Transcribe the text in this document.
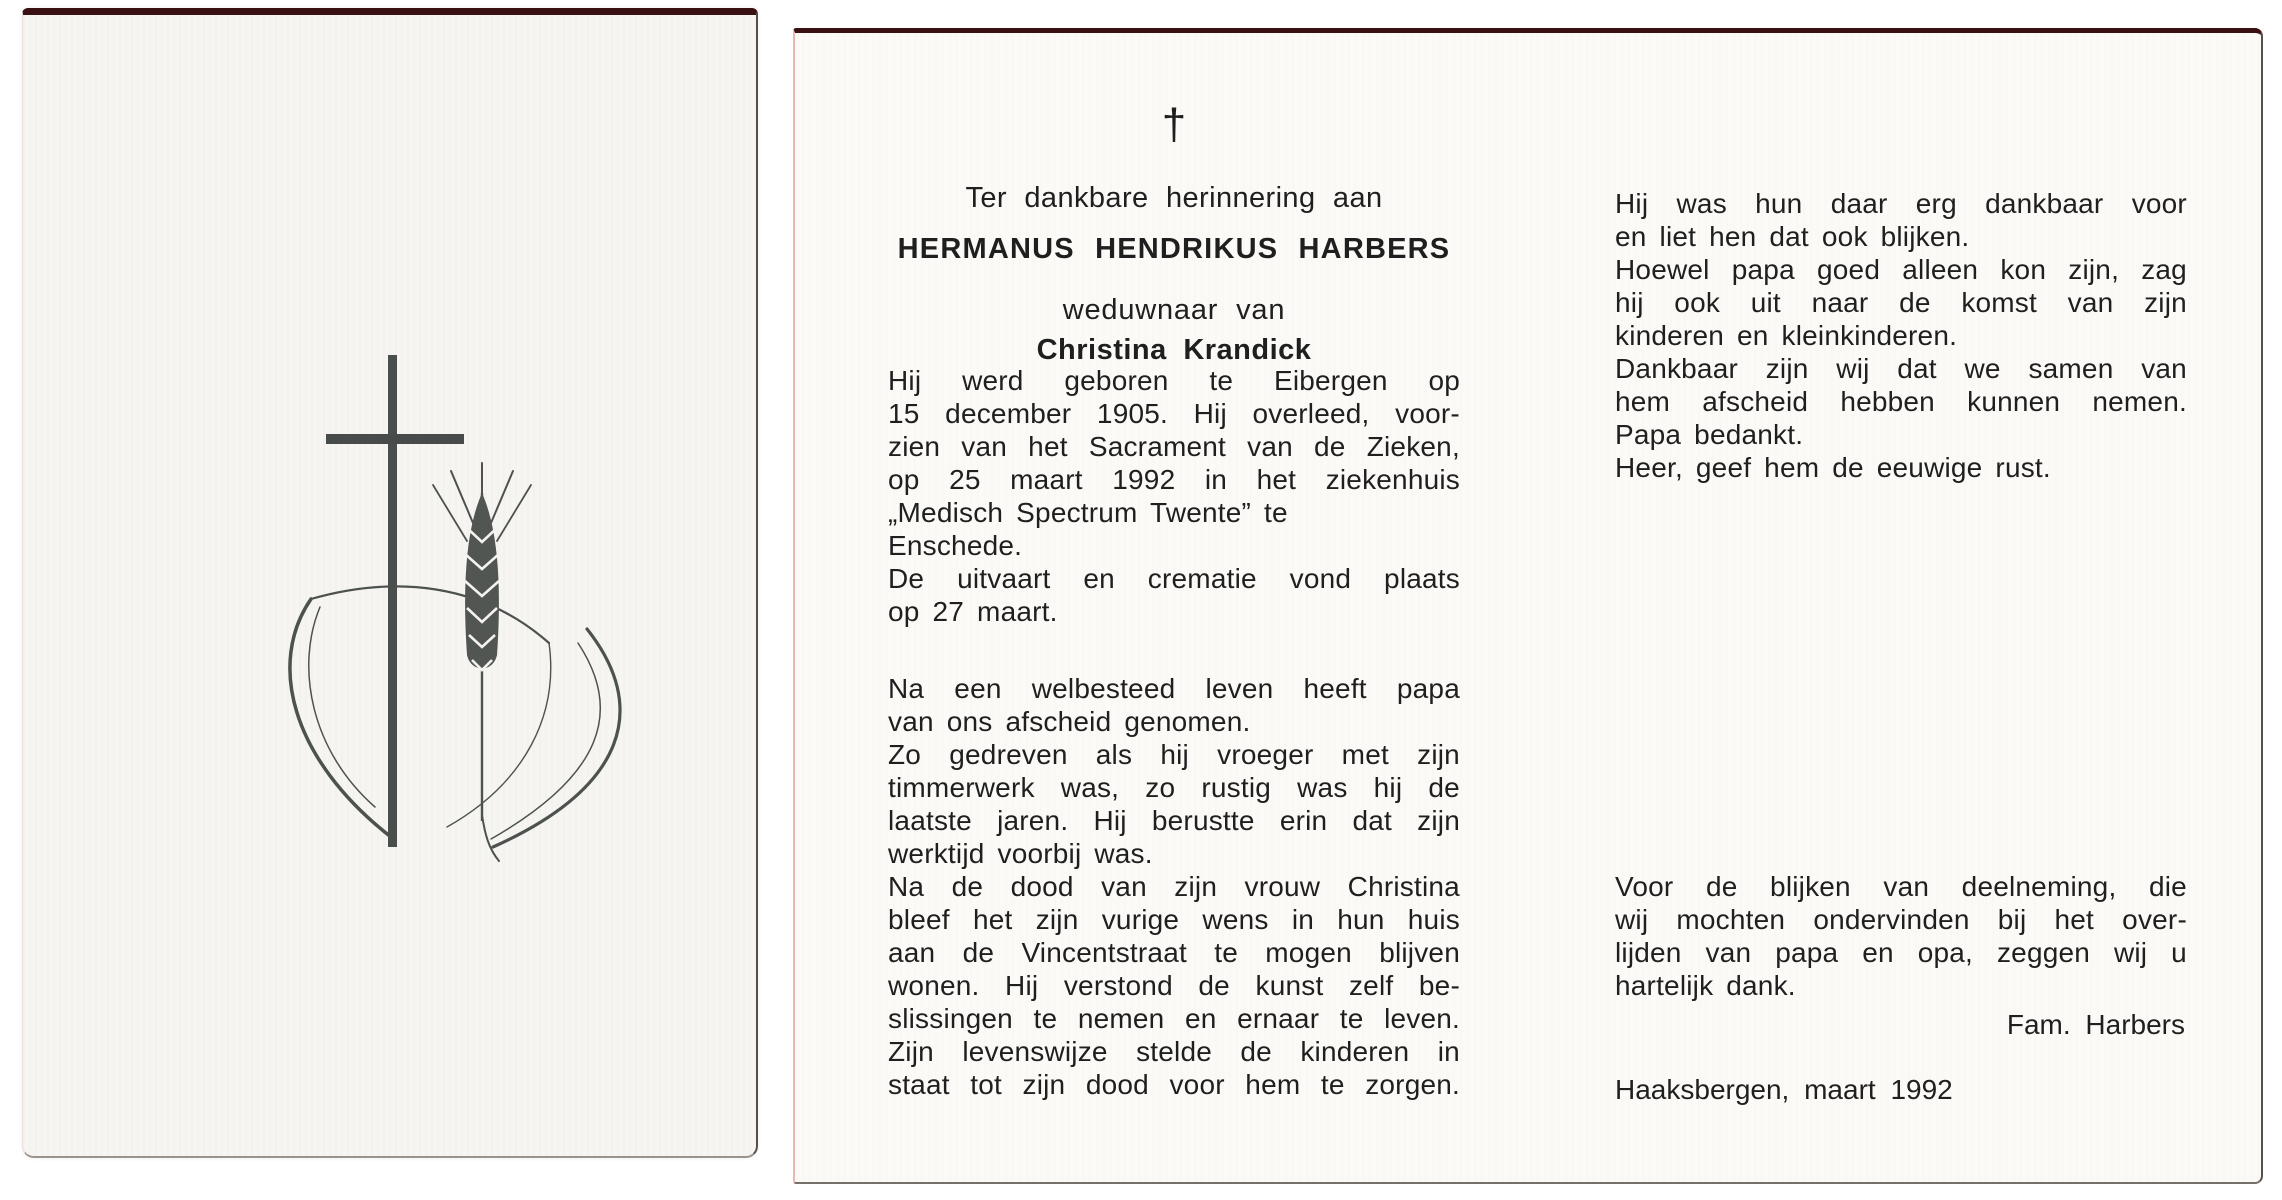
†
Ter dankbare herinnering aan
HERMANUS HENDRIKUS HARBERS
weduwnaar van
Christina Krandick
Hij werd geboren te Eibergen op
15 december 1905. Hij overleed, voor-
zien van het Sacrament van de Zieken,
op 25 maart 1992 in het ziekenhuis
„Medisch Spectrum Twente” te
Enschede.
De uitvaart en crematie vond plaats
op 27 maart.
Na een welbesteed leven heeft papa
van ons afscheid genomen.
Zo gedreven als hij vroeger met zijn
timmerwerk was, zo rustig was hij de
laatste jaren. Hij berustte erin dat zijn
werktijd voorbij was.
Na de dood van zijn vrouw Christina
bleef het zijn vurige wens in hun huis
aan de Vincentstraat te mogen blijven
wonen. Hij verstond de kunst zelf be-
slissingen te nemen en ernaar te leven.
Zijn levenswijze stelde de kinderen in
staat tot zijn dood voor hem te zorgen.
Hij was hun daar erg dankbaar voor
en liet hen dat ook blijken.
Hoewel papa goed alleen kon zijn, zag
hij ook uit naar de komst van zijn
kinderen en kleinkinderen.
Dankbaar zijn wij dat we samen van
hem afscheid hebben kunnen nemen.
Papa bedankt.
Heer, geef hem de eeuwige rust.
Voor de blijken van deelneming, die
wij mochten ondervinden bij het over-
lijden van papa en opa, zeggen wij u
hartelijk dank.
Fam. Harbers
Haaksbergen, maart 1992
